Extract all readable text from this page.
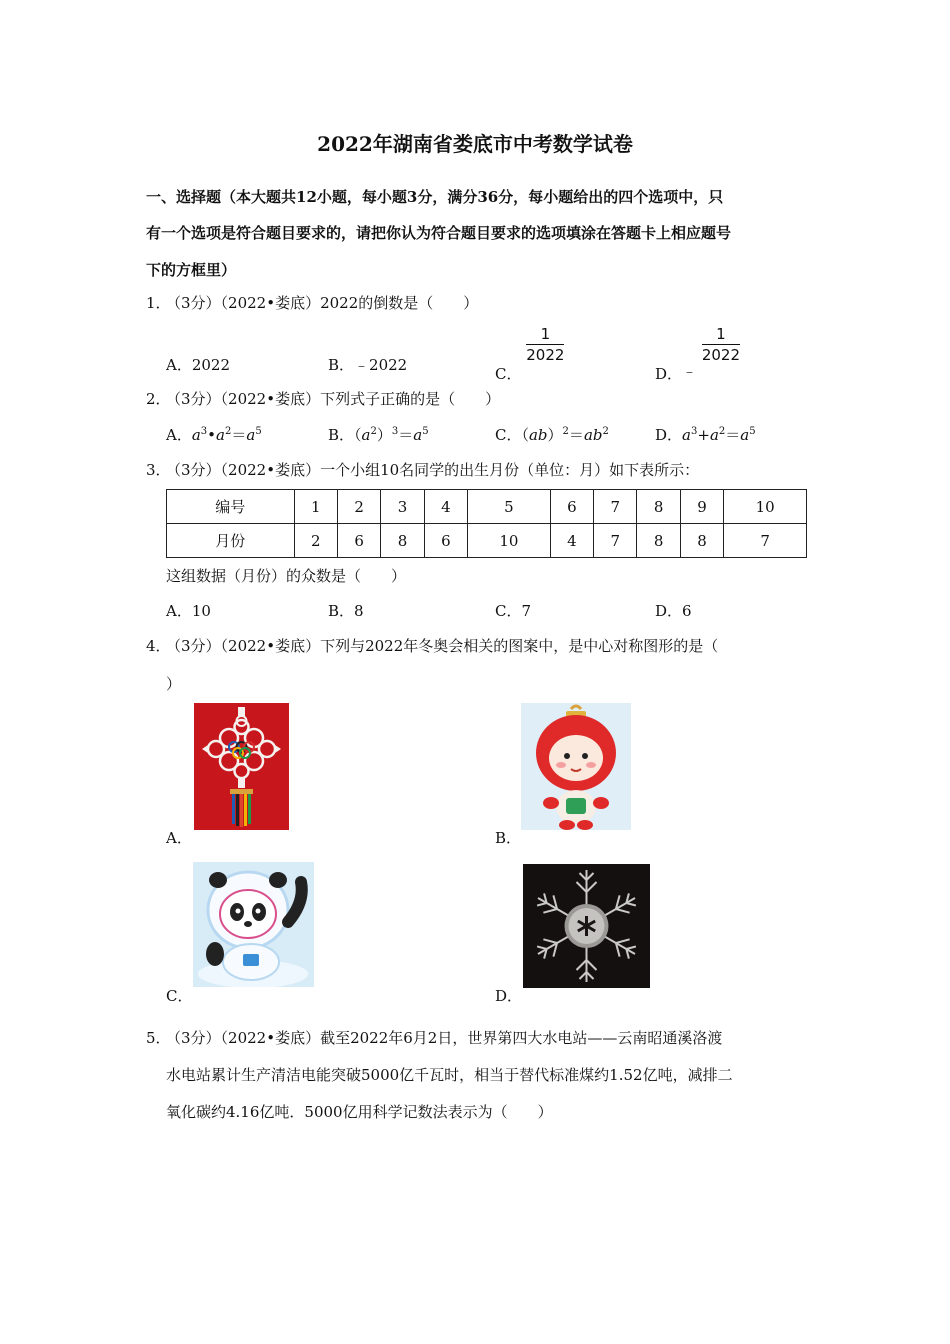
2022年湖南省娄底市中考数学试卷
一、选择题（本大题共12小题，每小题3分，满分36分，每小题给出的四个选项中，只
有一个选项是符合题目要求的，请把你认为符合题目要求的选项填涂在答题卡上相应题号
下的方框里）
1．（3分）（2022•娄底）2022的倒数是（　　）
A．2022	B．﹣2022	C．
$\frac{1}{2022}$
D．﹣
$\frac{1}{2022}$
2．（3分）（2022•娄底）下列式子正确的是（　　）
A．$a^3•a^2=a^5$	B．$(a^2)^3=a^5$	C．$(ab)^2=ab^2$	D．$a^3+a^2=a^5$
3．（3分）（2022•娄底）一个小组10名同学的出生月份（单位：月）如下表所示：
编号	1	2	3	4	5	6	7	8	9	10
月份	2	6	8	6	10	4	7	8	8	7
这组数据（月份）的众数是（　　）
A．10	B．8	C．7	D．6
4．（3分）（2022•娄底）下列与2022年冬奥会相关的图案中，是中心对称图形的是（
）
A．	B．
C．	D．
5．（3分）（2022•娄底）截至2022年6月2日，世界第四大水电站——云南昭通溪洛渡
水电站累计生产清洁电能突破5000亿千瓦时，相当于替代标准煤约1.52亿吨，减排二
氧化碳约4.16亿吨．5000亿用科学记数法表示为（　　）
